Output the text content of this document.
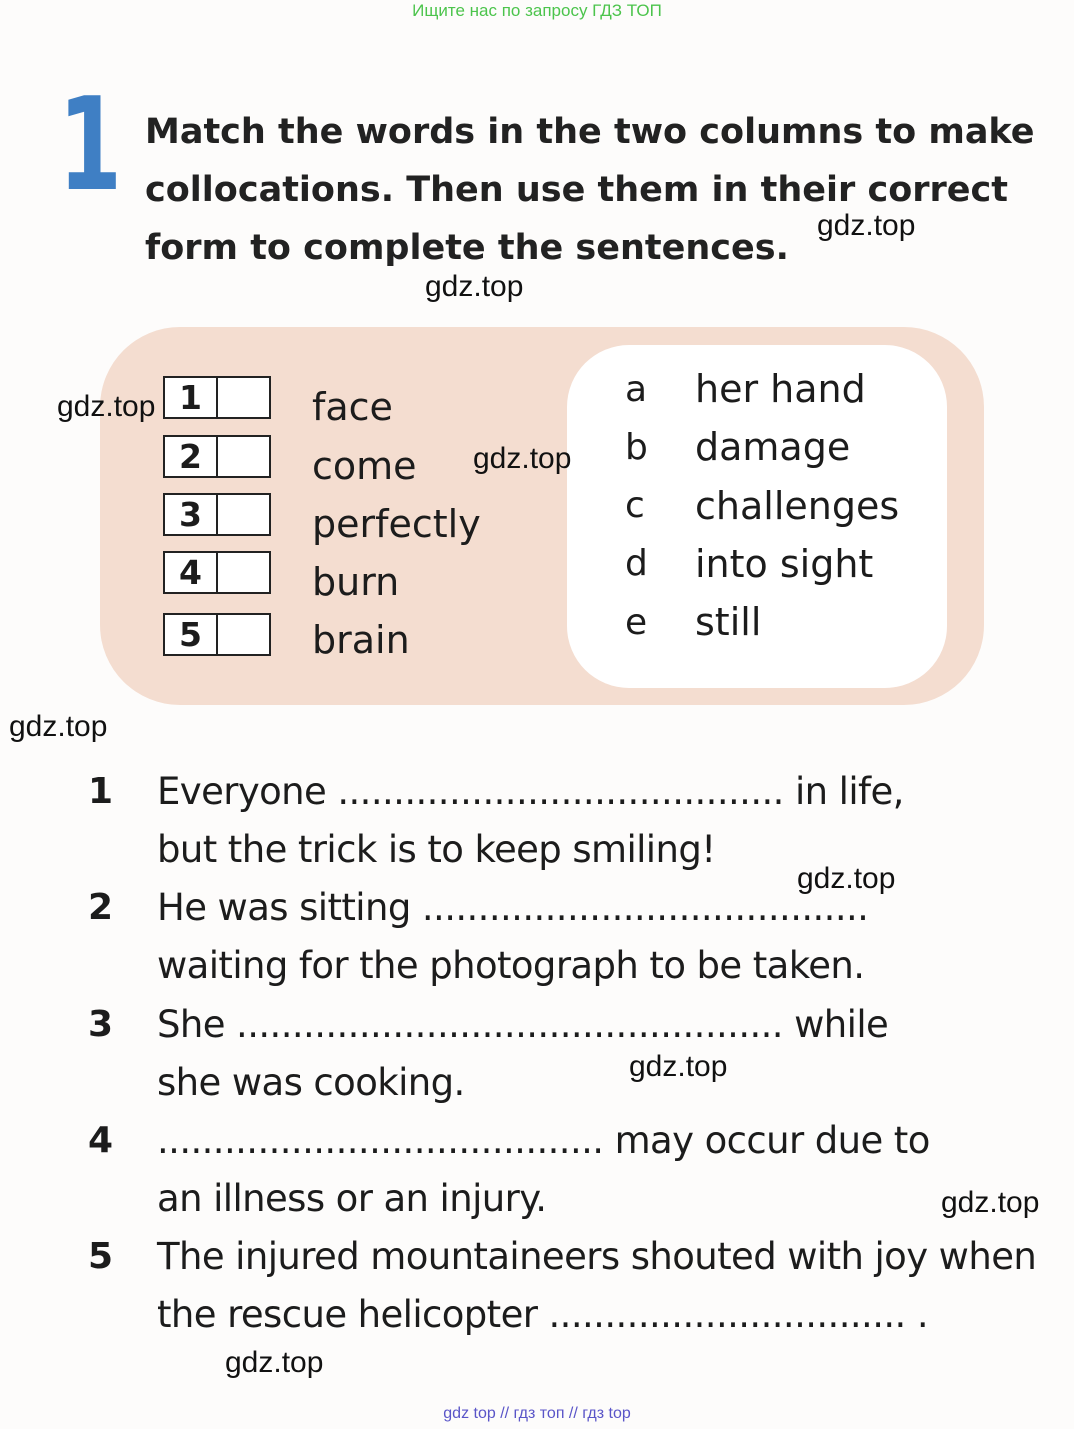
Ищите нас по запросу ГДЗ ТОП
1 Match the words in the two columns to make
collocations. Then use them in their correct
form to complete the sentences.
1
2
3
4
5
face
come
perfectly
burn
brain
a her hand
b damage
c challenges
d into sight
e still
1 Everyone ........................................ in life,
but the trick is to keep smiling!
2 He was sitting ........................................
waiting for the photograph to be taken.
3 She ................................................. while
she was cooking.
4 ........................................ may occur due to
an illness or an injury.
5 The injured mountaineers shouted with joy when
the rescue helicopter ................................ .
gdz.top
gdz.top
gdz.top
gdz.top
gdz.top
gdz.top
gdz.top
gdz.top
gdz.top
gdz top // гдз топ // гдз top
